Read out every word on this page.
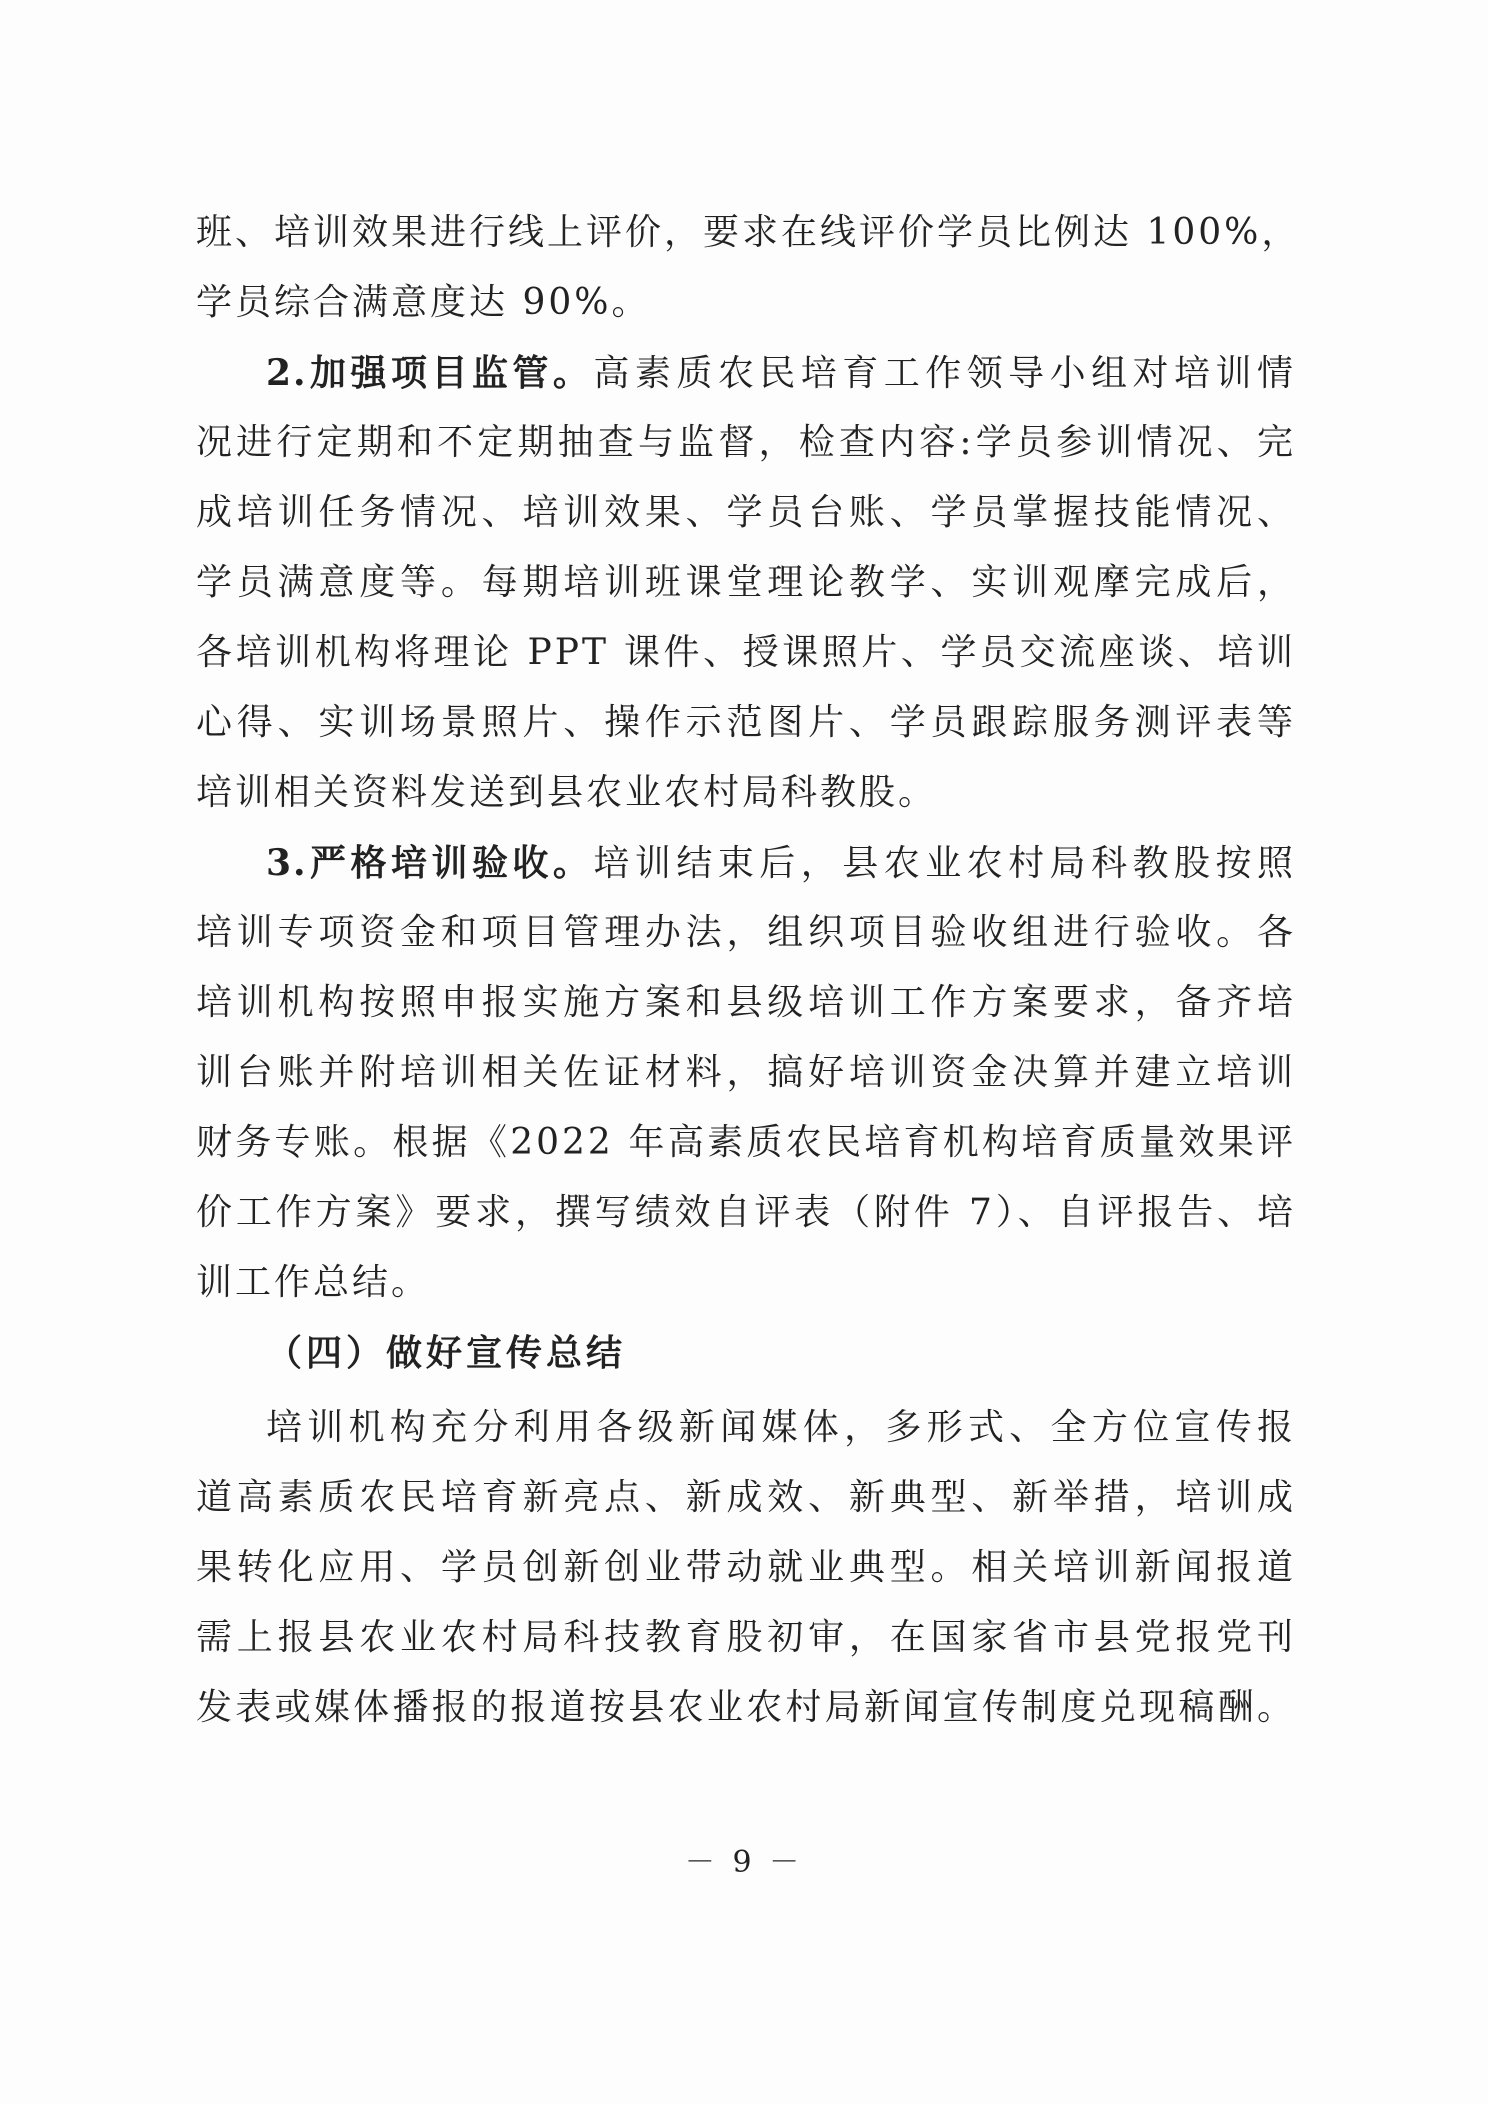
班、培训效果进行线上评价，要求在线评价学员比例达 100%，
学员综合满意度达 90%。
2.加强项目监管。高素质农民培育工作领导小组对培训情
况进行定期和不定期抽查与监督，检查内容:学员参训情况、完
成培训任务情况、培训效果、学员台账、学员掌握技能情况、
学员满意度等。每期培训班课堂理论教学、实训观摩完成后，
各培训机构将理论 PPT 课件、授课照片、学员交流座谈、培训
心得、实训场景照片、操作示范图片、学员跟踪服务测评表等
培训相关资料发送到县农业农村局科教股。
3.严格培训验收。培训结束后，县农业农村局科教股按照
培训专项资金和项目管理办法，组织项目验收组进行验收。各
培训机构按照申报实施方案和县级培训工作方案要求，备齐培
训台账并附培训相关佐证材料，搞好培训资金决算并建立培训
财务专账。根据《2022 年高素质农民培育机构培育质量效果评
价工作方案》要求，撰写绩效自评表（附件 7）、自评报告、培
训工作总结。
（四）做好宣传总结
培训机构充分利用各级新闻媒体，多形式、全方位宣传报
道高素质农民培育新亮点、新成效、新典型、新举措，培训成
果转化应用、学员创新创业带动就业典型。相关培训新闻报道
需上报县农业农村局科技教育股初审，在国家省市县党报党刊
发表或媒体播报的报道按县农业农村局新闻宣传制度兑现稿酬。
－ 9 －
